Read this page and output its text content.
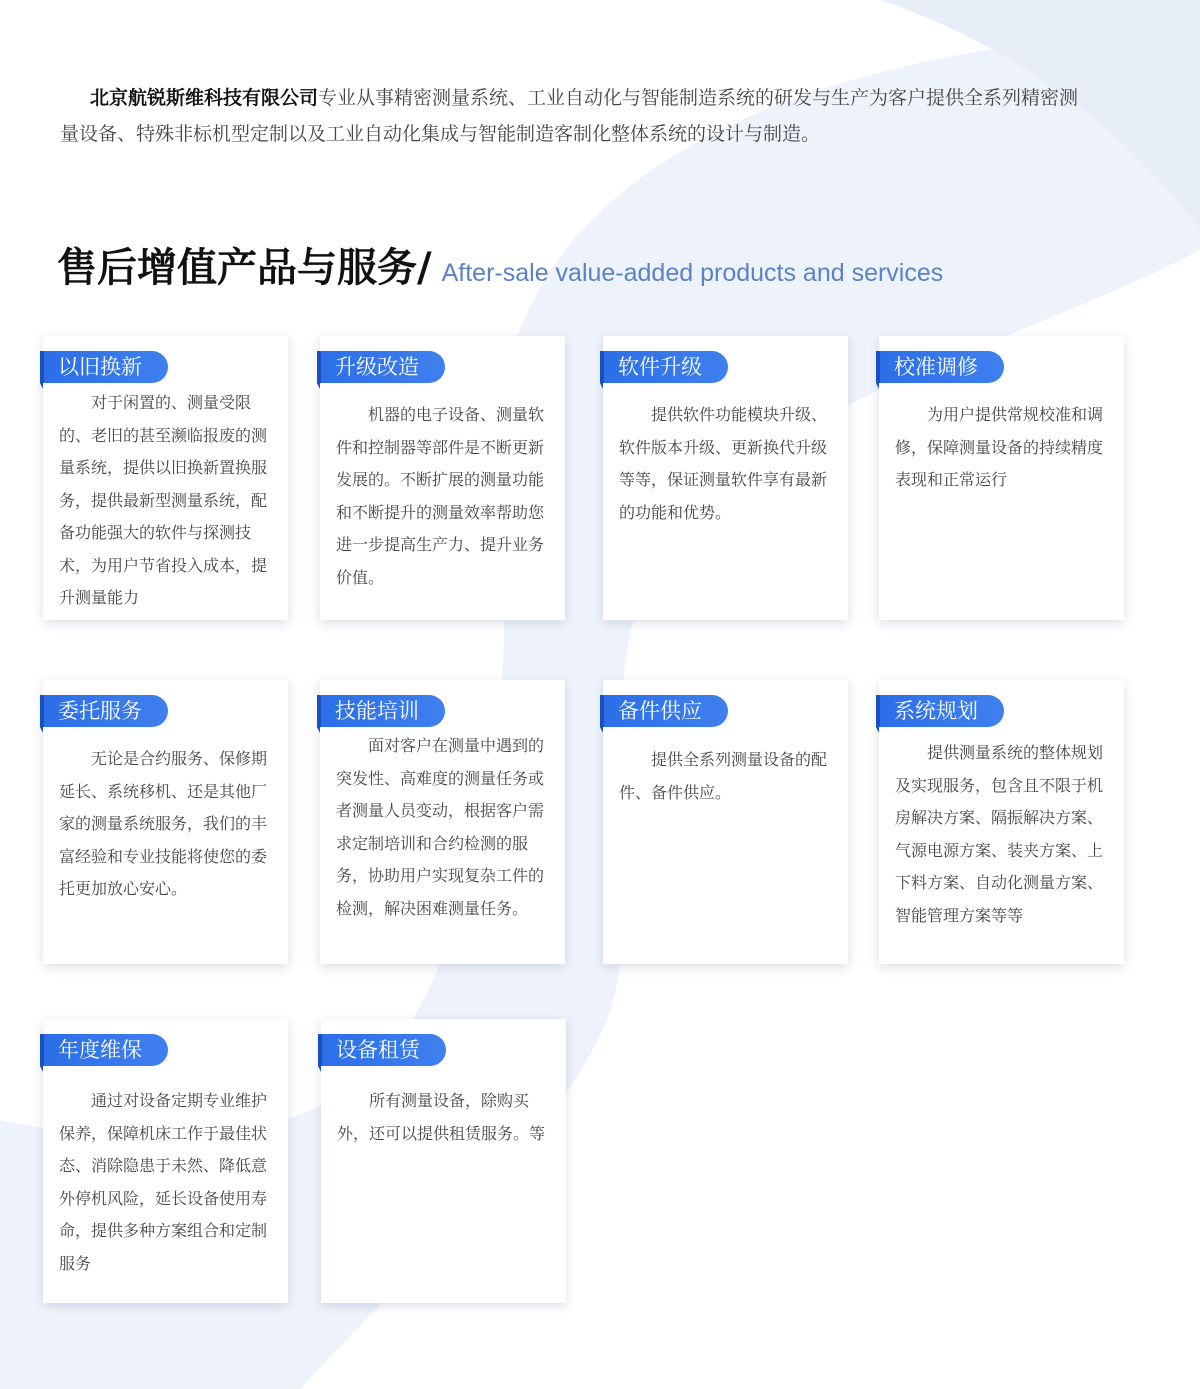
北京航锐斯维科技有限公司专业从事精密测量系统、工业自动化与智能制造系统的研发与生产为客户提供全系列精密测量设备、特殊非标机型定制以及工业自动化集成与智能制造客制化整体系统的设计与制造。
售后增值产品与服务/ After-sale value-added products and services
以旧换新
对于闲置的、测量受限的、老旧的甚至濒临报废的测量系统，提供以旧换新置换服务，提供最新型测量系统，配备功能强大的软件与探测技术，为用户节省投入成本，提升测量能力
升级改造
机器的电子设备、测量软件和控制器等部件是不断更新发展的。不断扩展的测量功能和不断提升的测量效率帮助您进一步提高生产力、提升业务价值。
软件升级
提供软件功能模块升级、软件版本升级、更新换代升级等等，保证测量软件享有最新的功能和优势。
校准调修
为用户提供常规校准和调修，保障测量设备的持续精度表现和正常运行
委托服务
无论是合约服务、保修期延长、系统移机、还是其他厂家的测量系统服务，我们的丰富经验和专业技能将使您的委托更加放心安心。
技能培训
面对客户在测量中遇到的突发性、高难度的测量任务或者测量人员变动，根据客户需求定制培训和合约检测的服务，协助用户实现复杂工件的检测，解决困难测量任务。
备件供应
提供全系列测量设备的配件、备件供应。
系统规划
提供测量系统的整体规划及实现服务，包含且不限于机房解决方案、隔振解决方案、气源电源方案、装夹方案、上下料方案、自动化测量方案、智能管理方案等等
年度维保
通过对设备定期专业维护保养，保障机床工作于最佳状态、消除隐患于未然、降低意外停机风险，延长设备使用寿命，提供多种方案组合和定制服务
设备租赁
所有测量设备，除购买外，还可以提供租赁服务。等
